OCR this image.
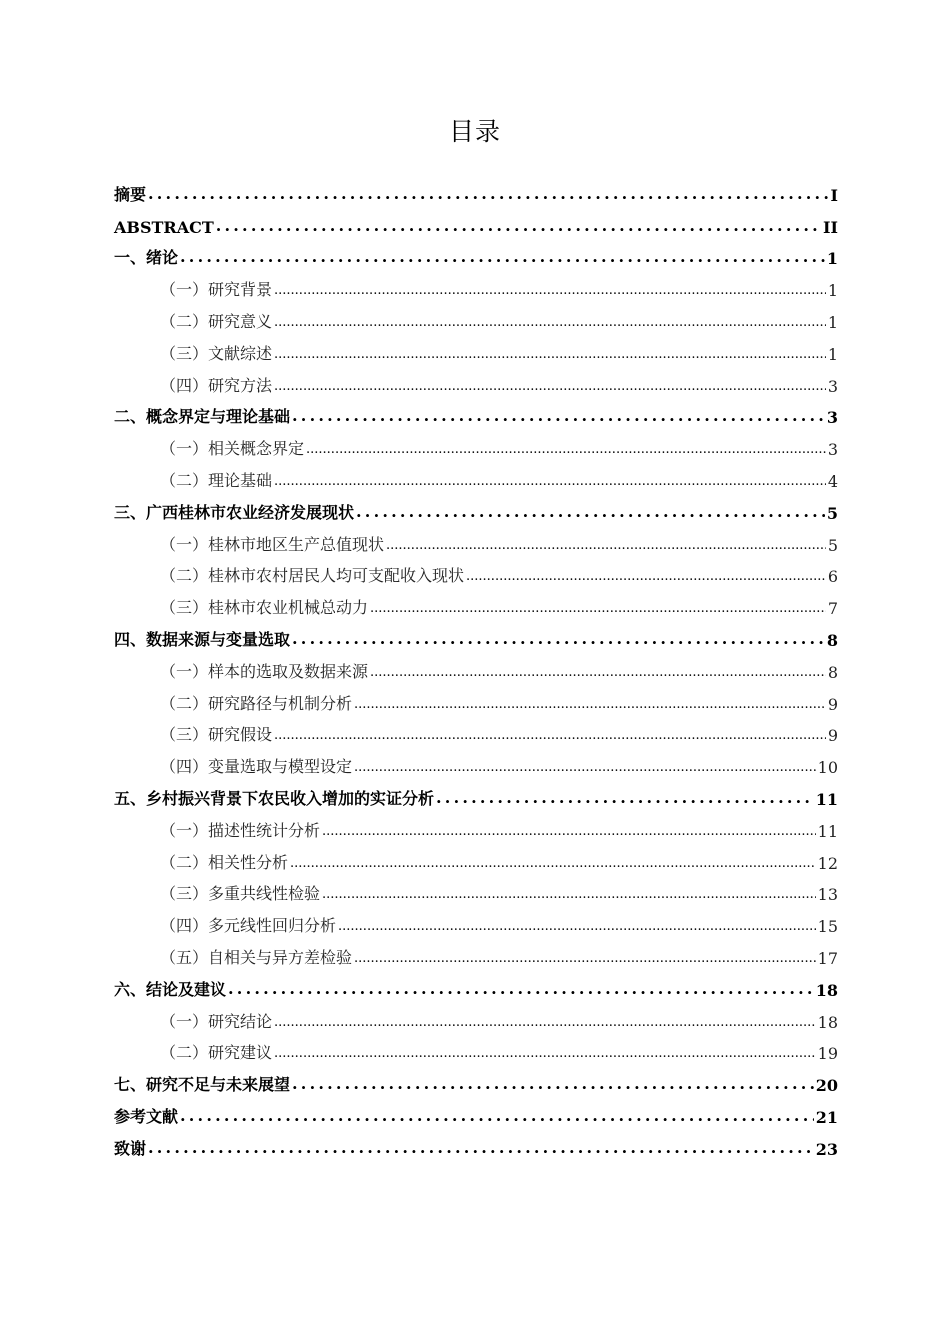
目录
摘要 .....	I
ABSTRACT .....	II
一、 绪论 .....	1
（一）研究背景 .....	1
（二）研究意义 .....	1
（三）文献综述 .....	1
（四）研究方法 .....	3
二、 概念界定与理论基础 .....	3
（一）相关概念界定 .....	3
（二）理论基础 .....	4
三、 广西桂林市农业经济发展现状 .....	5
（一）桂林市地区生产总值现状 .....	5
（二）桂林市农村居民人均可支配收入现状 .....	6
（三）桂林市农业机械总动力 .....	7
四、 数据来源与变量选取 .....	8
（一）样本的选取及数据来源 .....	8
（二）研究路径与机制分析 .....	9
（三）研究假设 .....	9
（四）变量选取与模型设定 .....	10
五、 乡村振兴背景下农民收入增加的实证分析 .....	11
（一）描述性统计分析 .....	11
（二）相关性分析 .....	12
（三）多重共线性检验 .....	13
（四）多元线性回归分析 .....	15
（五）自相关与异方差检验 .....	17
六、 结论及建议 .....	18
（一）研究结论 .....	18
（二）研究建议 .....	19
七、 研究不足与未来展望 .....	20
参考文献 .....	21
致谢 .....	23
